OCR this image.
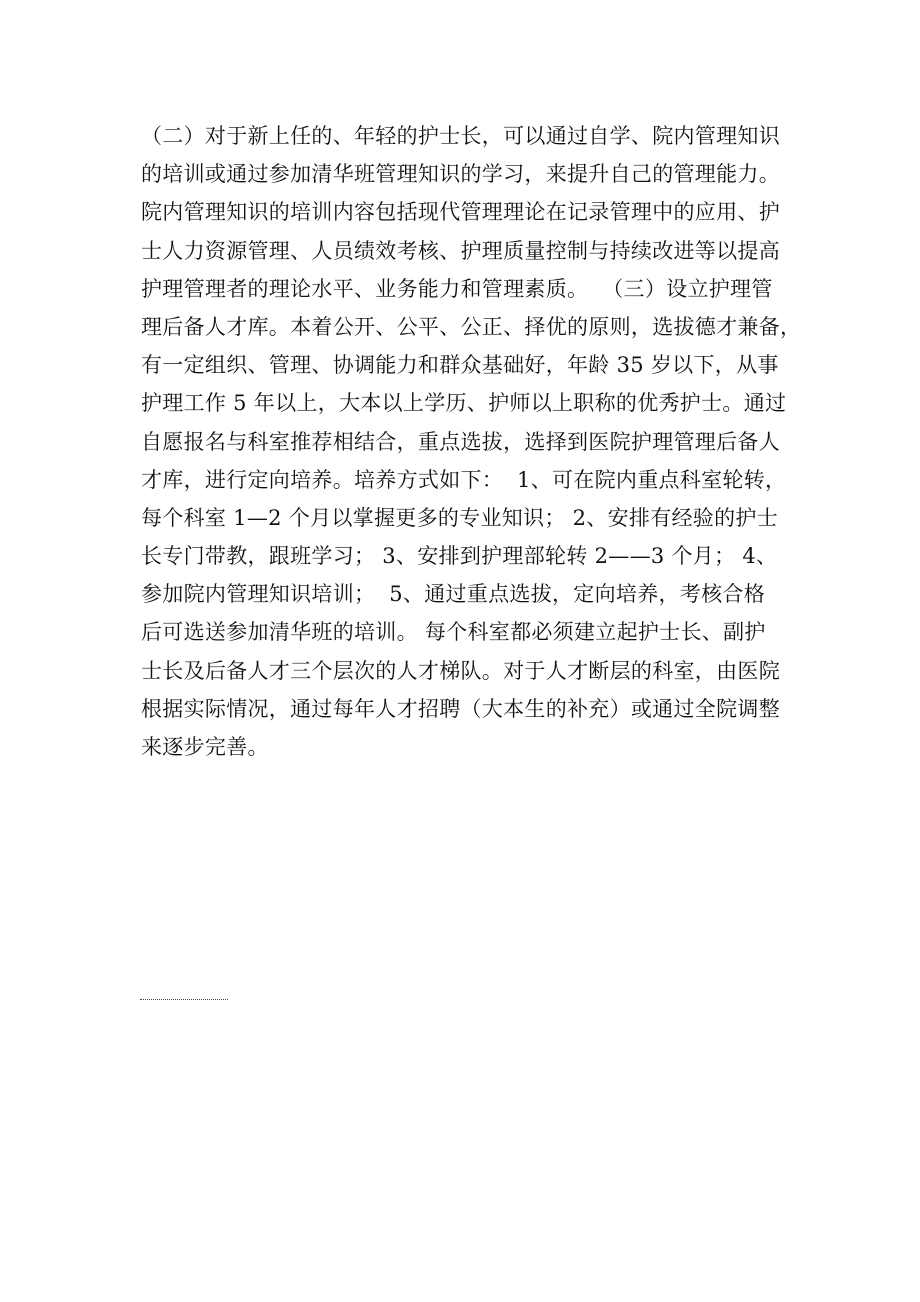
（二）对于新上任的、年轻的护士长，可以通过自学、院内管理知识
的培训或通过参加清华班管理知识的学习，来提升自己的管理能力。
院内管理知识的培训内容包括现代管理理论在记录管理中的应用、护
士人力资源管理、人员绩效考核、护理质量控制与持续改进等以提高
护理管理者的理论水平、业务能力和管理素质。  （三）设立护理管
理后备人才库。本着公开、公平、公正、择优的原则，选拔德才兼备，
有一定组织、管理、协调能力和群众基础好，年龄 35 岁以下，从事
护理工作 5 年以上，大本以上学历、护师以上职称的优秀护士。通过
自愿报名与科室推荐相结合，重点选拔，选择到医院护理管理后备人
才库，进行定向培养。培养方式如下：  1、可在院内重点科室轮转，
每个科室 1—2 个月以掌握更多的专业知识； 2、安排有经验的护士
长专门带教，跟班学习； 3、安排到护理部轮转 2——3 个月； 4、
参加院内管理知识培训；  5、通过重点选拔，定向培养，考核合格
后可选送参加清华班的培训。 每个科室都必须建立起护士长、副护
士长及后备人才三个层次的人才梯队。对于人才断层的科室，由医院
根据实际情况，通过每年人才招聘（大本生的补充）或通过全院调整
来逐步完善。
